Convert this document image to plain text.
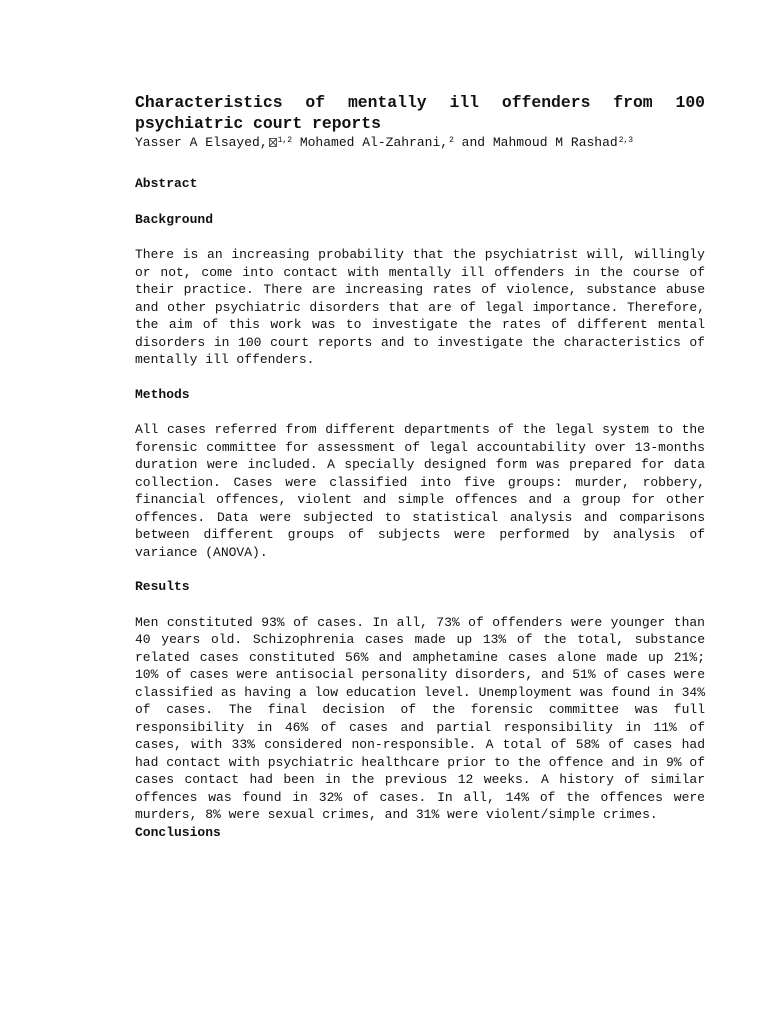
Characteristics of mentally ill offenders from 100 psychiatric court reports
Yasser A Elsayed, $^{1,2}$ Mohamed Al-Zahrani,$^2$ and Mahmoud M Rashad$^{2,3}$
Abstract
Background

There is an increasing probability that the psychiatrist will, willingly or not, come into contact with mentally ill offenders in the course of their practice. There are increasing rates of violence, substance abuse and other psychiatric disorders that are of legal importance. Therefore, the aim of this work was to investigate the rates of different mental disorders in 100 court reports and to investigate the characteristics of mentally ill offenders.

Methods

All cases referred from different departments of the legal system to the forensic committee for assessment of legal accountability over 13-months duration were included. A specially designed form was prepared for data collection. Cases were classified into five groups: murder, robbery, financial offences, violent and simple offences and a group for other offences. Data were subjected to statistical analysis and comparisons between different groups of subjects were performed by analysis of variance (ANOVA).

Results

Men constituted 93% of cases. In all, 73% of offenders were younger than 40 years old. Schizophrenia cases made up 13% of the total, substance related cases constituted 56% and amphetamine cases alone made up 21%; 10% of cases were antisocial personality disorders, and 51% of cases were classified as having a low education level. Unemployment was found in 34% of cases. The final decision of the forensic committee was full responsibility in 46% of cases and partial responsibility in 11% of cases, with 33% considered non-responsible. A total of 58% of cases had had contact with psychiatric healthcare prior to the offence and in 9% of cases contact had been in the previous 12 weeks. A history of similar offences was found in 32% of cases. In all, 14% of the offences were murders, 8% were sexual crimes, and 31% were violent/simple crimes.

Conclusions
